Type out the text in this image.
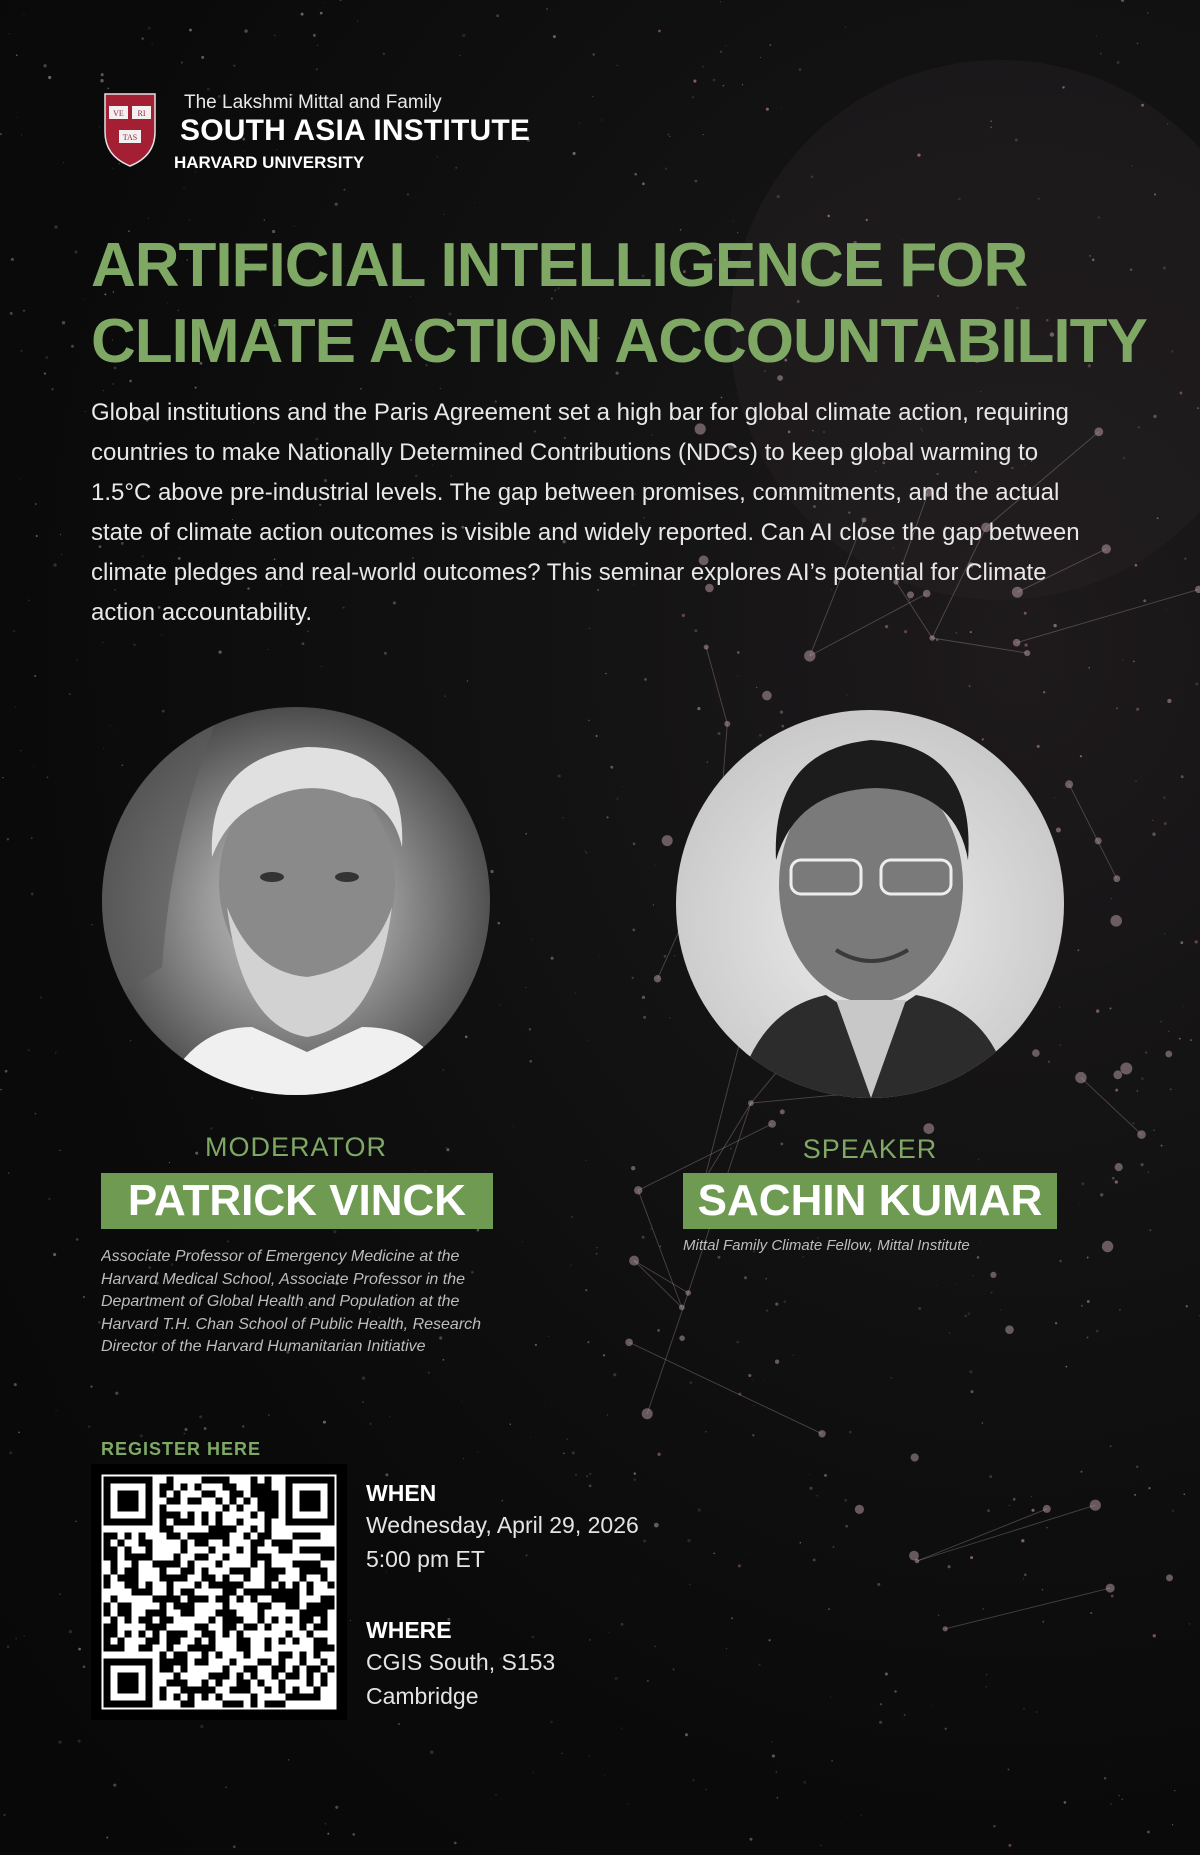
VE RI
TAS
The Lakshmi Mittal and Family
SOUTH ASIA INSTITUTE
HARVARD UNIVERSITY
ARTIFICIAL INTELLIGENCE FOR
CLIMATE ACTION ACCOUNTABILITY
Global institutions and the Paris Agreement set a high bar for global climate action, requiring countries to make Nationally Determined Contributions (NDCs) to keep global warming to 1.5°C above pre-industrial levels. The gap between promises, commitments, and the actual state of climate action outcomes is visible and widely reported. Can AI close the gap between climate pledges and real-world outcomes? This seminar explores AI’s potential for Climate action accountability.
MODERATOR	SPEAKER
PATRICK VINCK	SACHIN KUMAR
Associate Professor of Emergency Medicine at the Harvard Medical School, Associate Professor in the Department of Global Health and Population at the Harvard T.H. Chan School of Public Health, Research Director of the Harvard Humanitarian Initiative
Mittal Family Climate Fellow, Mittal Institute
REGISTER HERE
WHEN
Wednesday, April 29, 2026
5:00 pm ET
WHERE
CGIS South, S153
Cambridge
